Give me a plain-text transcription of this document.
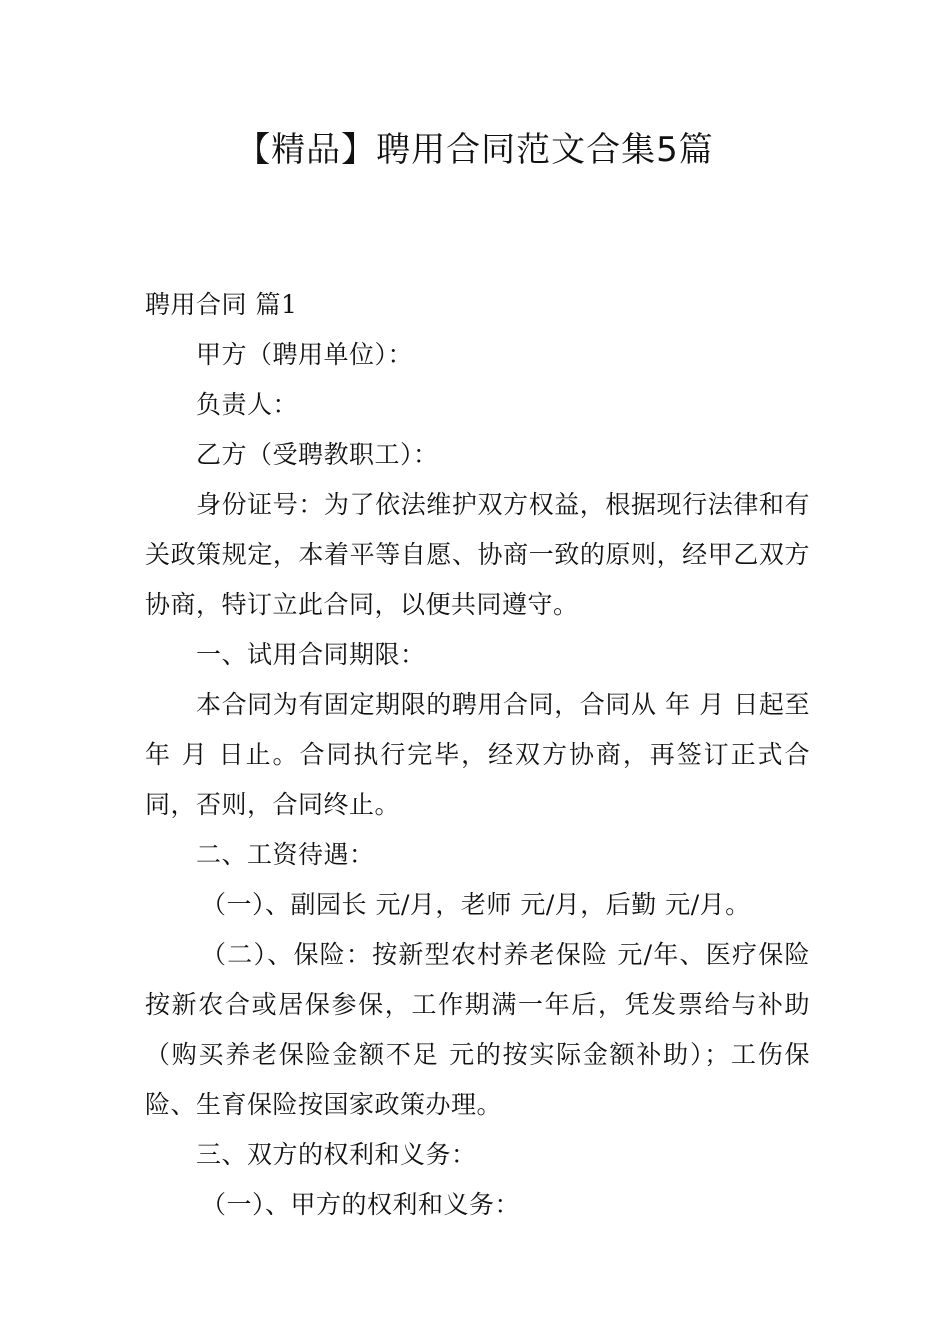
【精品】聘用合同范文合集5篇

聘用合同 篇1

甲方（聘用单位）：

负责人：

乙方（受聘教职工）：

身份证号：为了依法维护双方权益，根据现行法律和有关政策规定，本着平等自愿、协商一致的原则，经甲乙双方协商，特订立此合同，以便共同遵守。

一、试用合同期限：

本合同为有固定期限的聘用合同，合同从 年 月 日起至 年 月 日止。合同执行完毕，经双方协商，再签订正式合同，否则，合同终止。

二、工资待遇：

（一）、副园长 元/月，老师 元/月，后勤 元/月。

（二）、保险：按新型农村养老保险 元/年、医疗保险按新农合或居保参保，工作期满一年后，凭发票给与补助（购买养老保险金额不足 元的按实际金额补助）；工伤保险、生育保险按国家政策办理。

三、双方的权利和义务：

（一）、甲方的权利和义务：
